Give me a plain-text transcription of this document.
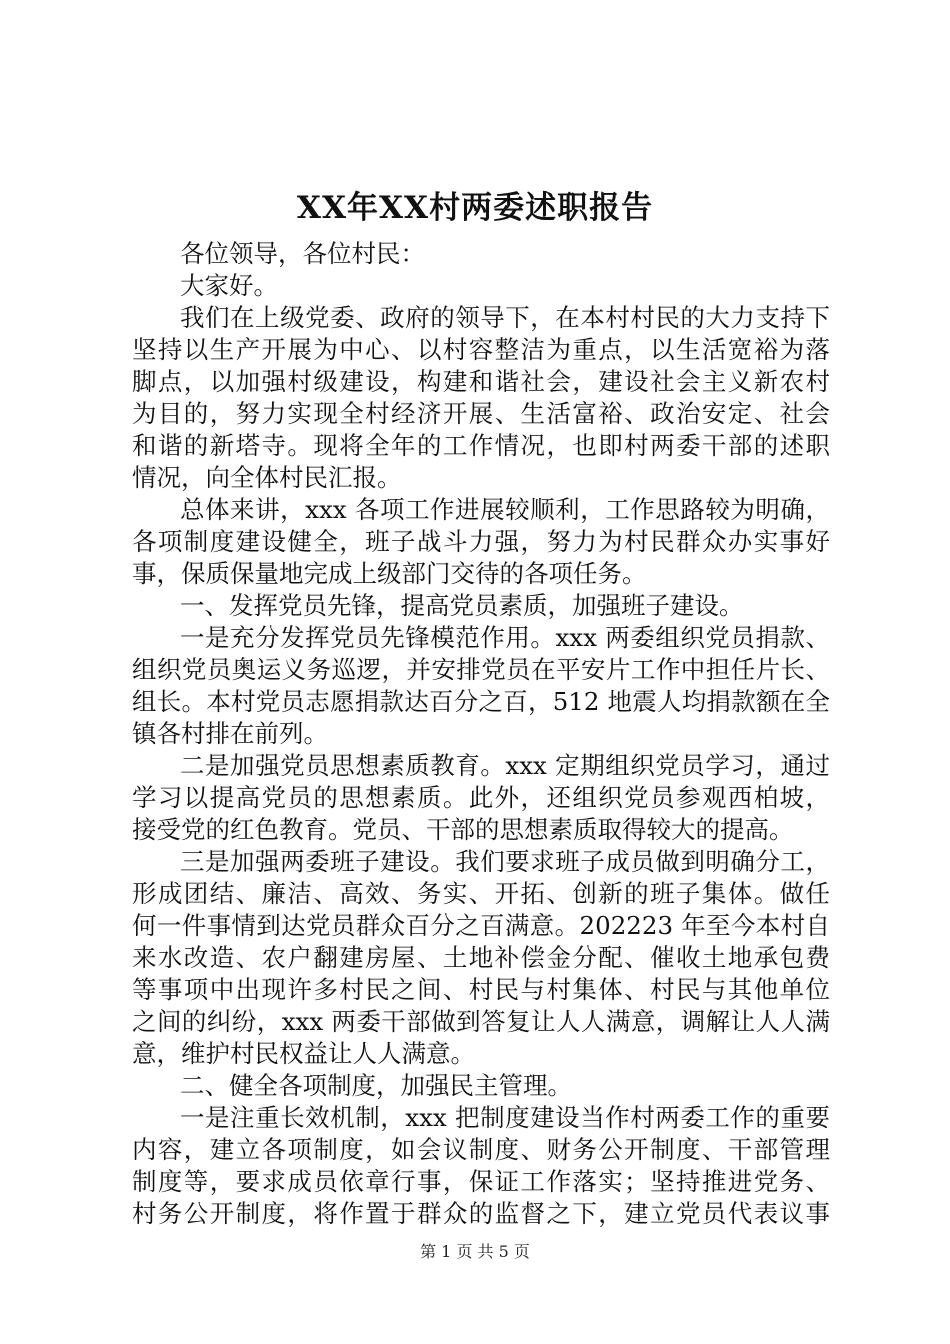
XX年XX村两委述职报告
各位领导，各位村民：
大家好。
我们在上级党委、政府的领导下，在本村村民的大力支持下
坚持以生产开展为中心、以村容整洁为重点，以生活宽裕为落
脚点，以加强村级建设，构建和谐社会，建设社会主义新农村
为目的，努力实现全村经济开展、生活富裕、政治安定、社会
和谐的新塔寺。现将全年的工作情况，也即村两委干部的述职
情况，向全体村民汇报。
总体来讲，xxx 各项工作进展较顺利，工作思路较为明确，
各项制度建设健全，班子战斗力强，努力为村民群众办实事好
事，保质保量地完成上级部门交待的各项任务。
一、发挥党员先锋，提高党员素质，加强班子建设。
一是充分发挥党员先锋模范作用。xxx 两委组织党员捐款、
组织党员奥运义务巡逻，并安排党员在平安片工作中担任片长、
组长。本村党员志愿捐款达百分之百，512 地震人均捐款额在全
镇各村排在前列。
二是加强党员思想素质教育。xxx 定期组织党员学习，通过
学习以提高党员的思想素质。此外，还组织党员参观西柏坡，
接受党的红色教育。党员、干部的思想素质取得较大的提高。
三是加强两委班子建设。我们要求班子成员做到明确分工，
形成团结、廉洁、高效、务实、开拓、创新的班子集体。做任
何一件事情到达党员群众百分之百满意。202223 年至今本村自
来水改造、农户翻建房屋、土地补偿金分配、催收土地承包费
等事项中出现许多村民之间、村民与村集体、村民与其他单位
之间的纠纷，xxx 两委干部做到答复让人人满意，调解让人人满
意，维护村民权益让人人满意。
二、健全各项制度，加强民主管理。
一是注重长效机制，xxx 把制度建设当作村两委工作的重要
内容，建立各项制度，如会议制度、财务公开制度、干部管理
制度等，要求成员依章行事，保证工作落实；坚持推进党务、
村务公开制度，将作置于群众的监督之下，建立党员代表议事
第 1 页 共 5 页
